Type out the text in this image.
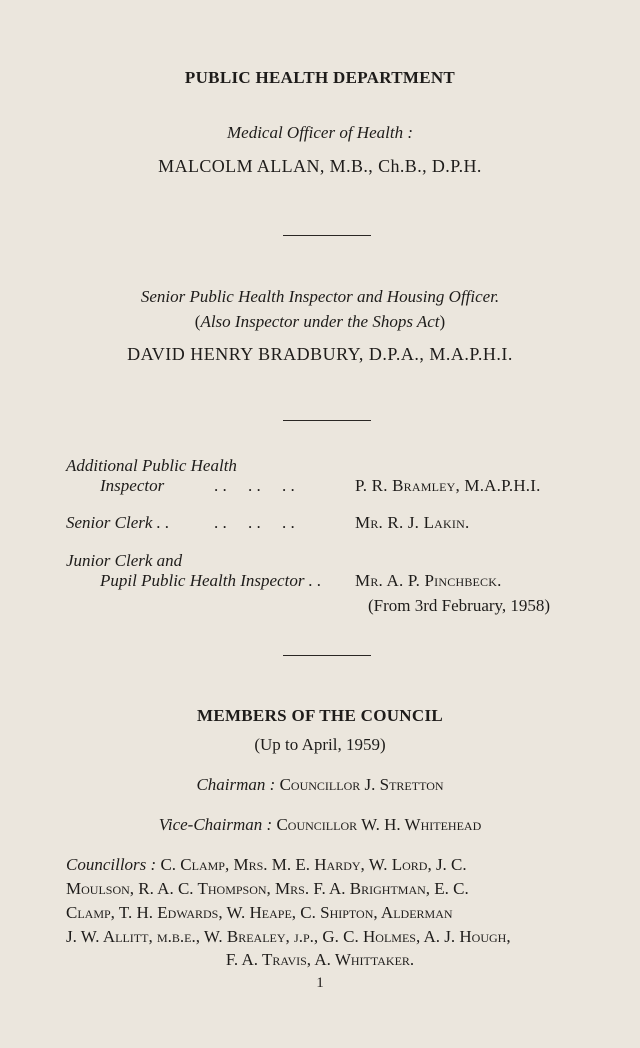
PUBLIC HEALTH DEPARTMENT
Medical Officer of Health :
MALCOLM ALLAN, M.B., Ch.B., D.P.H.
Senior Public Health Inspector and Housing Officer.
(Also Inspector under the Shops Act)
DAVID HENRY BRADBURY, D.P.A., M.A.P.H.I.
Additional Public Health
Inspector	. .     . .     . .	P. R. Bramley, M.A.P.H.I.
Senior Clerk . .	. .     . .     . .	Mr. R. J. Lakin.
Junior Clerk and
Pupil Public Health Inspector . . Mr. A. P. Pinchbeck.
(From 3rd February, 1958)
MEMBERS OF THE COUNCIL
(Up to April, 1959)
Chairman : Councillor J. Stretton
Vice-Chairman : Councillor W. H. Whitehead
Councillors : C. Clamp, Mrs. M. E. Hardy, W. Lord, J. C.
Moulson, R. A. C. Thompson, Mrs. F. A. Brightman, E. C.
Clamp, T. H. Edwards, W. Heape, C. Shipton, Alderman
J. W. Allitt, m.b.e., W. Brealey, j.p., G. C. Holmes, A. J. Hough,
F. A. Travis, A. Whittaker.
1
